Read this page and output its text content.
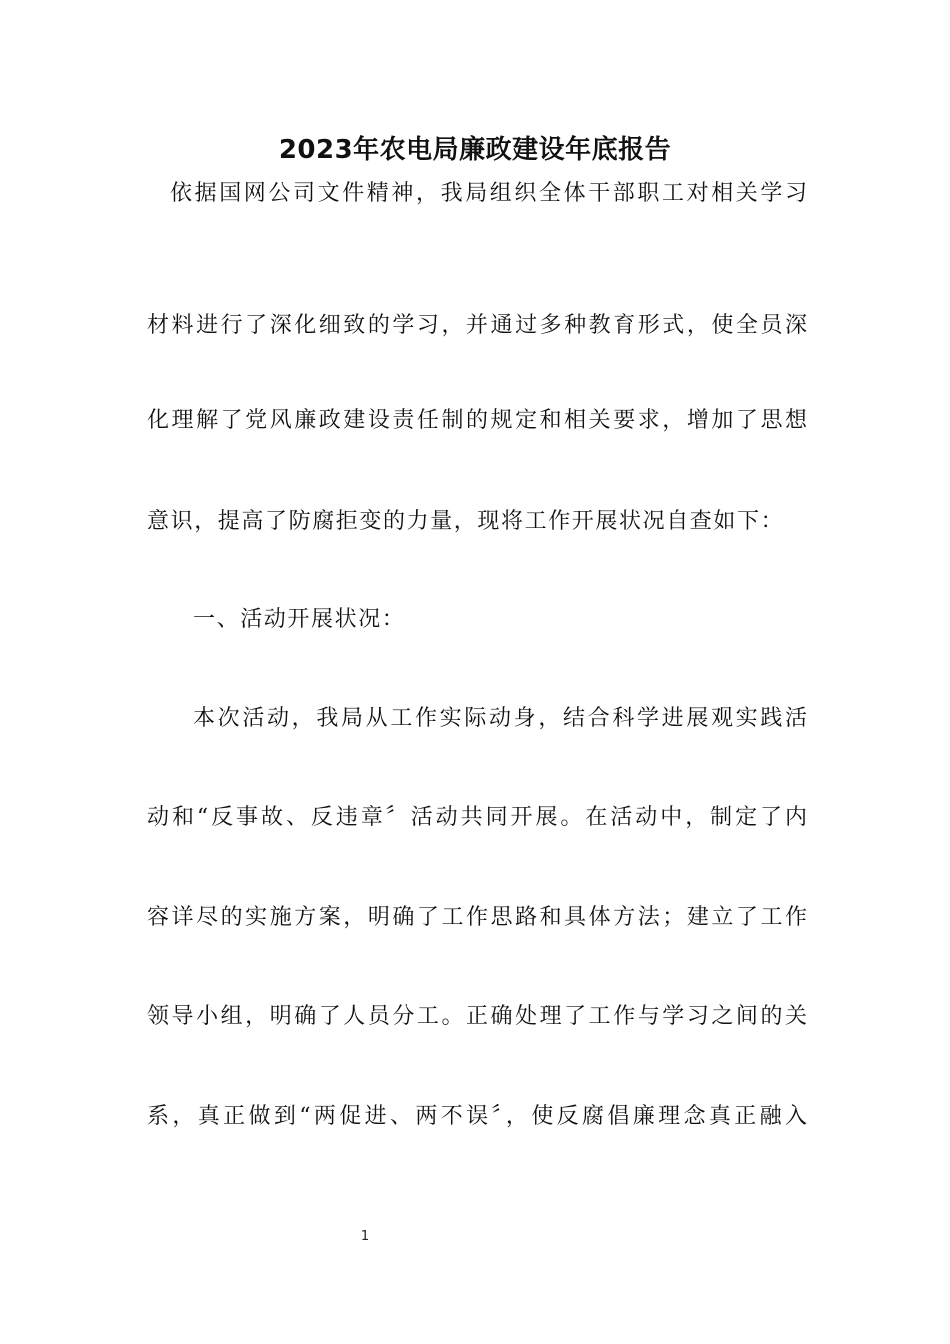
2023年农电局廉政建设年底报告
依据国网公司文件精神，我局组织全体干部职工对相关学习
材料进行了深化细致的学习，并通过多种教育形式，使全员深
化理解了党风廉政建设责任制的规定和相关要求，增加了思想
意识，提高了防腐拒变的力量，现将工作开展状况自查如下：
一、活动开展状况：
本次活动，我局从工作实际动身，结合科学进展观实践活
动和“反事故、反违章〞活动共同开展。在活动中，制定了内
容详尽的实施方案，明确了工作思路和具体方法；建立了工作
领导小组，明确了人员分工。正确处理了工作与学习之间的关
系，真正做到“两促进、两不误〞，使反腐倡廉理念真正融入
1
